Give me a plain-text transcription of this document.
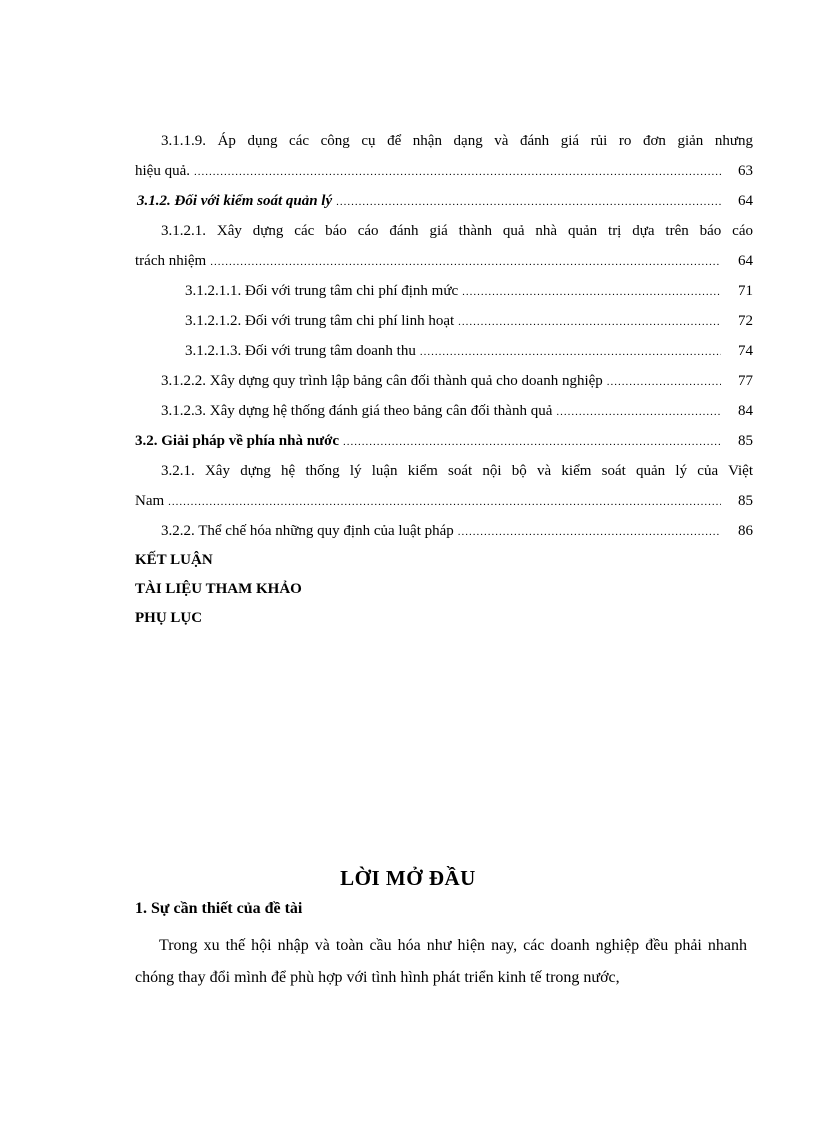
3.1.1.9. Áp dụng các công cụ để nhận dạng và đánh giá rủi ro đơn giản nhưng
hiệu quả. .....	63
3.1.2. Đối với kiểm soát quản lý .....	64
3.1.2.1. Xây dựng các báo cáo đánh giá thành quả nhà quản trị dựa trên báo cáo
trách nhiệm .....	64
3.1.2.1.1. Đối với trung tâm chi phí định mức .....	71
3.1.2.1.2. Đối với trung tâm chi phí linh hoạt .....	72
3.1.2.1.3. Đối với trung tâm doanh thu .....	74
3.1.2.2. Xây dựng quy trình lập bảng cân đối thành quả cho doanh nghiệp .....	77
3.1.2.3. Xây dựng hệ thống đánh giá theo bảng cân đối thành quả .....	84
3.2. Giải pháp về phía nhà nước .....	85
3.2.1. Xây dựng hệ thống lý luận kiểm soát nội bộ và kiểm soát quản lý của Việt
Nam .....	85
3.2.2. Thể chế hóa những quy định của luật pháp .....	86
KẾT LUẬN
TÀI LIỆU THAM KHẢO
PHỤ LỤC
LỜI MỞ ĐẦU
1. Sự cần thiết của đề tài
Trong xu thế hội nhập và toàn cầu hóa như hiện nay, các doanh nghiệp đều phải nhanh chóng thay đổi mình để phù hợp với tình hình phát triển kinh tế trong nước,
